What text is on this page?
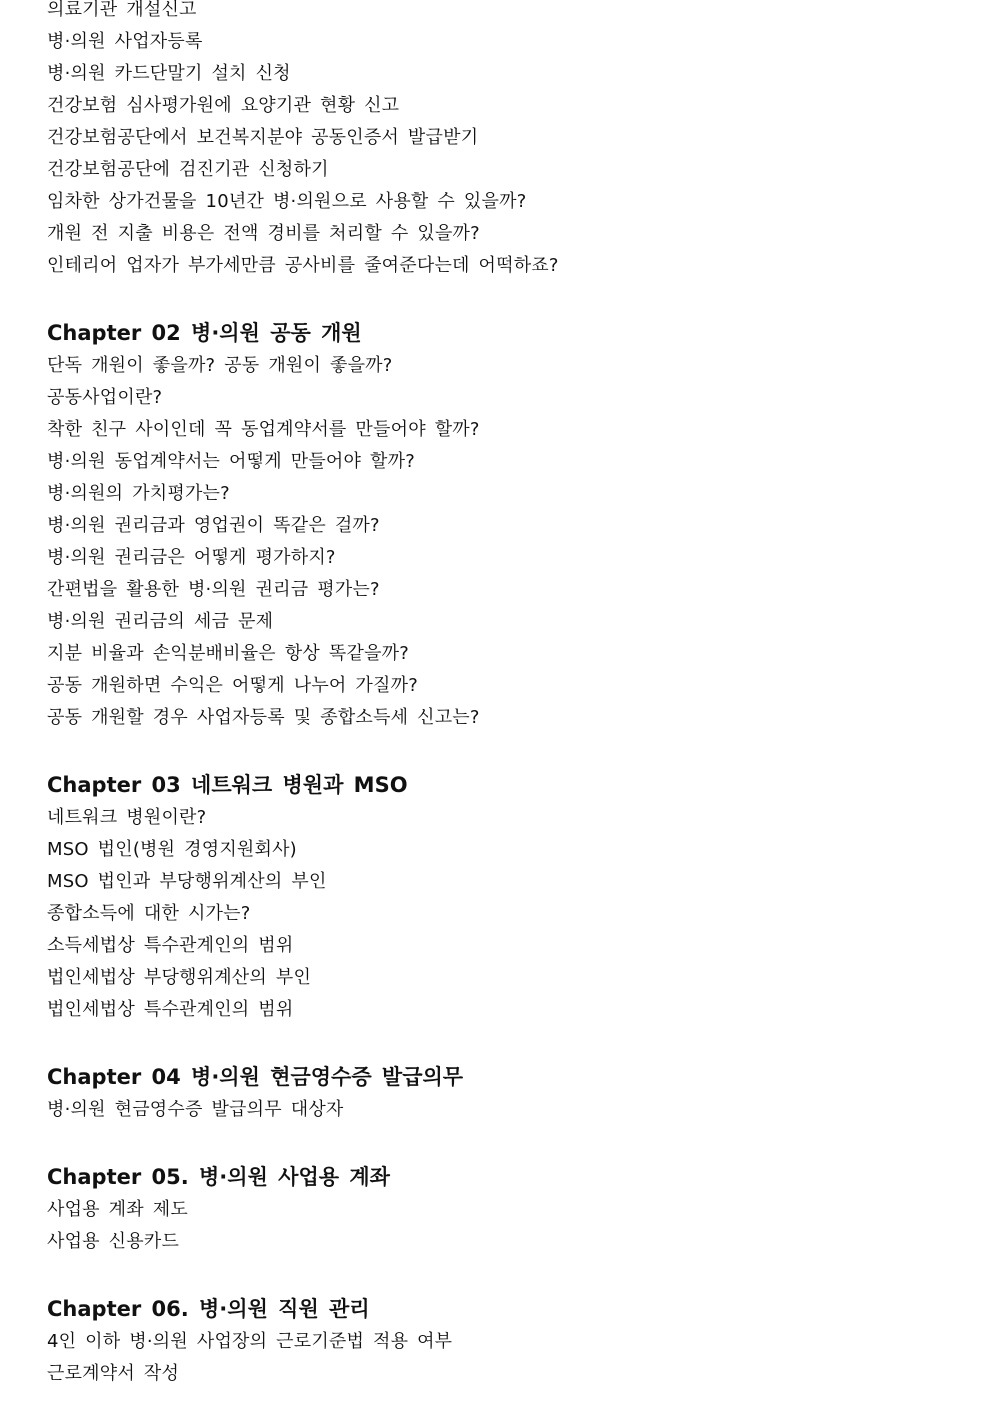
의료기관 개설신고
병·의원 사업자등록
병·의원 카드단말기 설치 신청
건강보험 심사평가원에 요양기관 현황 신고
건강보험공단에서 보건복지분야 공동인증서 발급받기
건강보험공단에 검진기관 신청하기
임차한 상가건물을 10년간 병·의원으로 사용할 수 있을까?
개원 전 지출 비용은 전액 경비를 처리할 수 있을까?
인테리어 업자가 부가세만큼 공사비를 줄여준다는데 어떡하죠?
Chapter 02 병·의원 공동 개원
단독 개원이 좋을까? 공동 개원이 좋을까?
공동사업이란?
착한 친구 사이인데 꼭 동업계약서를 만들어야 할까?
병·의원 동업계약서는 어떻게 만들어야 할까?
병·의원의 가치평가는?
병·의원 권리금과 영업권이 똑같은 걸까?
병·의원 권리금은 어떻게 평가하지?
간편법을 활용한 병·의원 권리금 평가는?
병·의원 권리금의 세금 문제
지분 비율과 손익분배비율은 항상 똑같을까?
공동 개원하면 수익은 어떻게 나누어 가질까?
공동 개원할 경우 사업자등록 및 종합소득세 신고는?
Chapter 03 네트워크 병원과 MSO
네트워크 병원이란?
MSO 법인(병원 경영지원회사)
MSO 법인과 부당행위계산의 부인
종합소득에 대한 시가는?
소득세법상 특수관계인의 범위
법인세법상 부당행위계산의 부인
법인세법상 특수관계인의 범위
Chapter 04 병·의원 현금영수증 발급의무
병·의원 현금영수증 발급의무 대상자
Chapter 05. 병·의원 사업용 계좌
사업용 계좌 제도
사업용 신용카드
Chapter 06. 병·의원 직원 관리
4인 이하 병·의원 사업장의 근로기준법 적용 여부
근로계약서 작성
